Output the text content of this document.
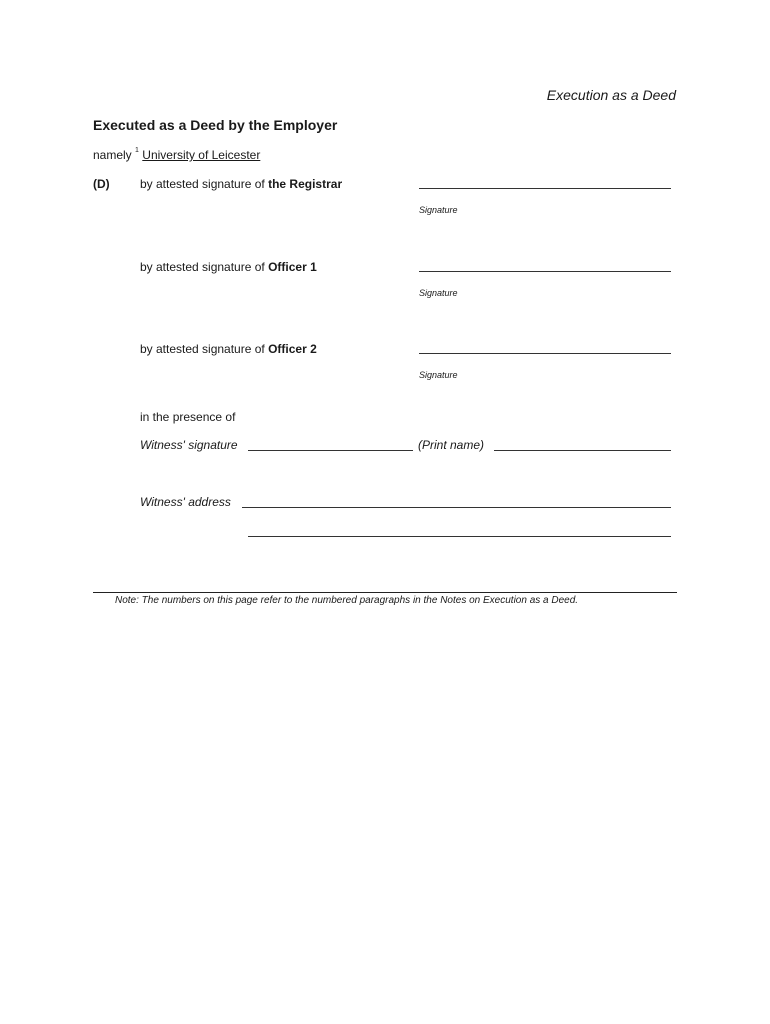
Execution as a Deed
Executed as a Deed by the Employer
namely $^1$ University of Leicester
(D)	by attested signature of the Registrar
Signature
by attested signature of Officer 1
Signature
by attested signature of Officer 2
Signature
in the presence of
Witness' signature	(Print name)
Witness' address
Note: The numbers on this page refer to the numbered paragraphs in the Notes on Execution as a Deed.
